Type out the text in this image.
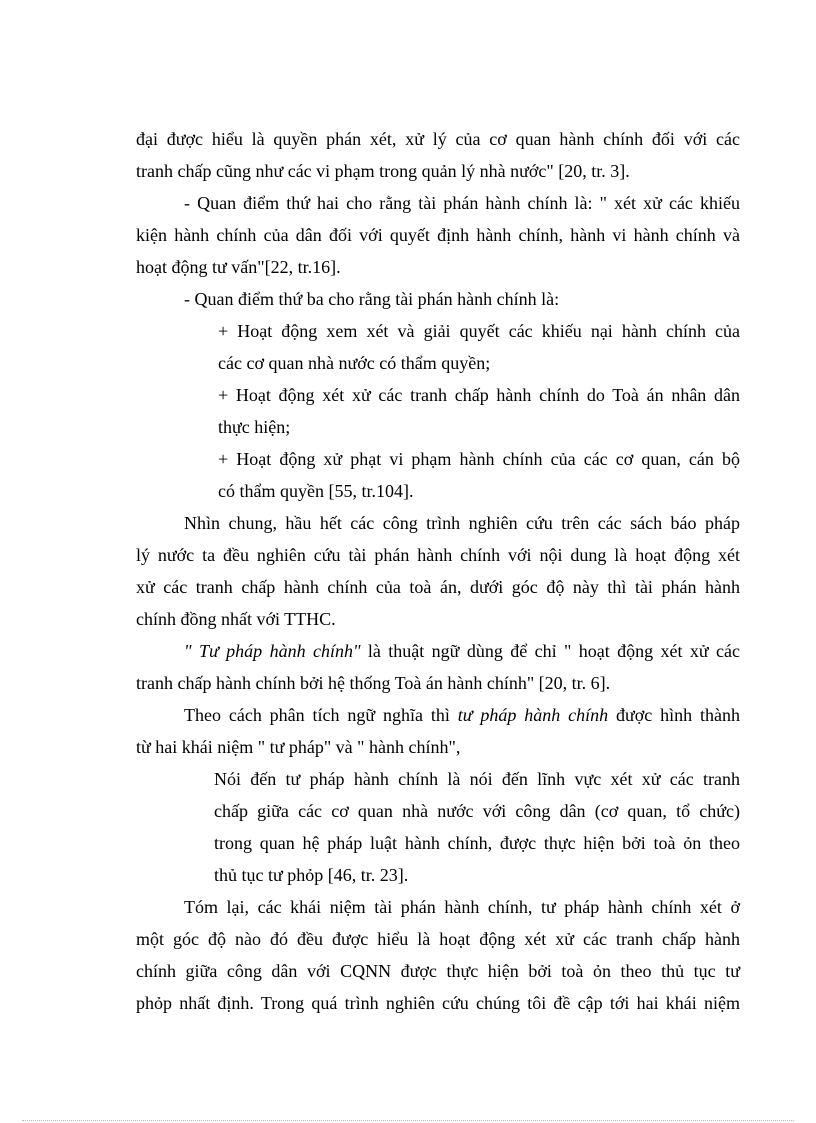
đại được hiểu là quyền phán xét, xử lý của cơ quan hành chính đối với các
tranh chấp cũng như các vi phạm trong quản lý nhà nước" [20, tr. 3].
- Quan điểm thứ hai cho rằng tài phán hành chính là: " xét xử các khiếu
kiện hành chính của dân đối với quyết định hành chính, hành vi hành chính và
hoạt động tư vấn"[22, tr.16].
- Quan điểm thứ ba cho rằng tài phán hành chính là:
+ Hoạt động xem xét và giải quyết các khiếu nại hành chính của
các cơ quan nhà nước có thẩm quyền;
+ Hoạt động xét xử các tranh chấp hành chính do Toà án nhân dân
thực hiện;
+ Hoạt động xử phạt vi phạm hành chính của các cơ quan, cán bộ
có thẩm quyền [55, tr.104].
Nhìn chung, hầu hết các công trình nghiên cứu trên các sách báo pháp
lý nước ta đều nghiên cứu tài phán hành chính với nội dung là hoạt động xét
xử các tranh chấp hành chính của toà án, dưới góc độ này thì tài phán hành
chính đồng nhất với TTHC.
" Tư pháp hành chính" là thuật ngữ dùng để chỉ " hoạt động xét xử các
tranh chấp hành chính bởi hệ thống Toà án hành chính" [20, tr. 6].
Theo cách phân tích ngữ nghĩa thì tư pháp hành chính được hình thành
từ hai khái niệm " tư pháp" và " hành chính",
Nói đến tư pháp hành chính là nói đến lĩnh vực xét xử các tranh
chấp giữa các cơ quan nhà nước với công dân (cơ quan, tổ chức)
trong quan hệ pháp luật hành chính, được thực hiện bởi toà ỏn theo
thủ tục tư phỏp [46, tr. 23].
Tóm lại, các khái niệm tài phán hành chính, tư pháp hành chính xét ở
một góc độ nào đó đều được hiểu là hoạt động xét xử các tranh chấp hành
chính giữa công dân với CQNN được thực hiện bởi toà ỏn theo thủ tục tư
phỏp nhất định. Trong quá trình nghiên cứu chúng tôi đề cập tới hai khái niệm
